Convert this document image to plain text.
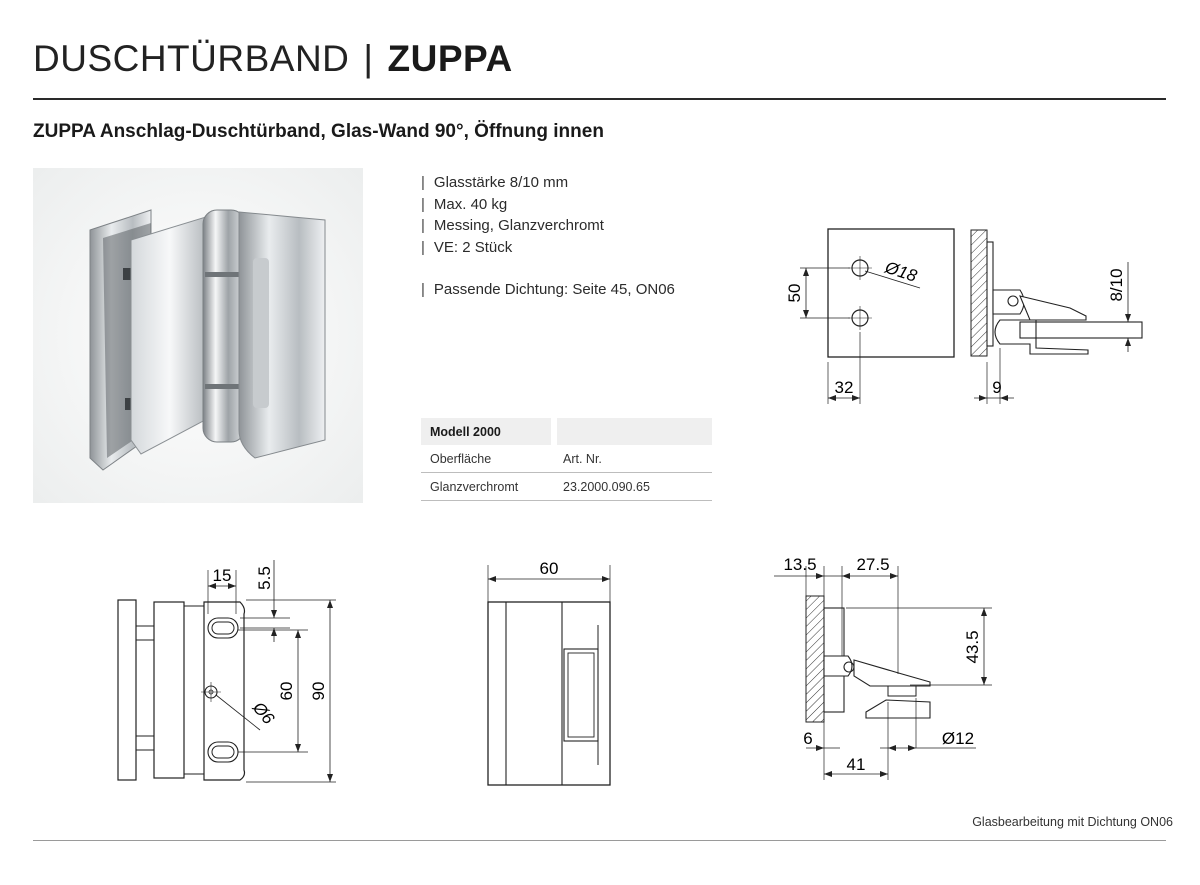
DUSCHTÜRBAND | ZUPPA
ZUPPA Anschlag-Duschtürband, Glas-Wand 90°, Öffnung innen
| Glasstärke 8/10 mm
| Max. 40 kg
| Messing, Glanzverchromt
| VE: 2 Stück
| Passende Dichtung: Seite 45, ON06
Modell 2000
Oberfläche	Art. Nr.
Glanzverchromt	23.2000.090.65
50
Ø18
32
8/10
9
Ø6
15 5.5
60 90
60	13.5 27.5
43.5
6	Ø12
41
Glasbearbeitung mit Dichtung ON06
